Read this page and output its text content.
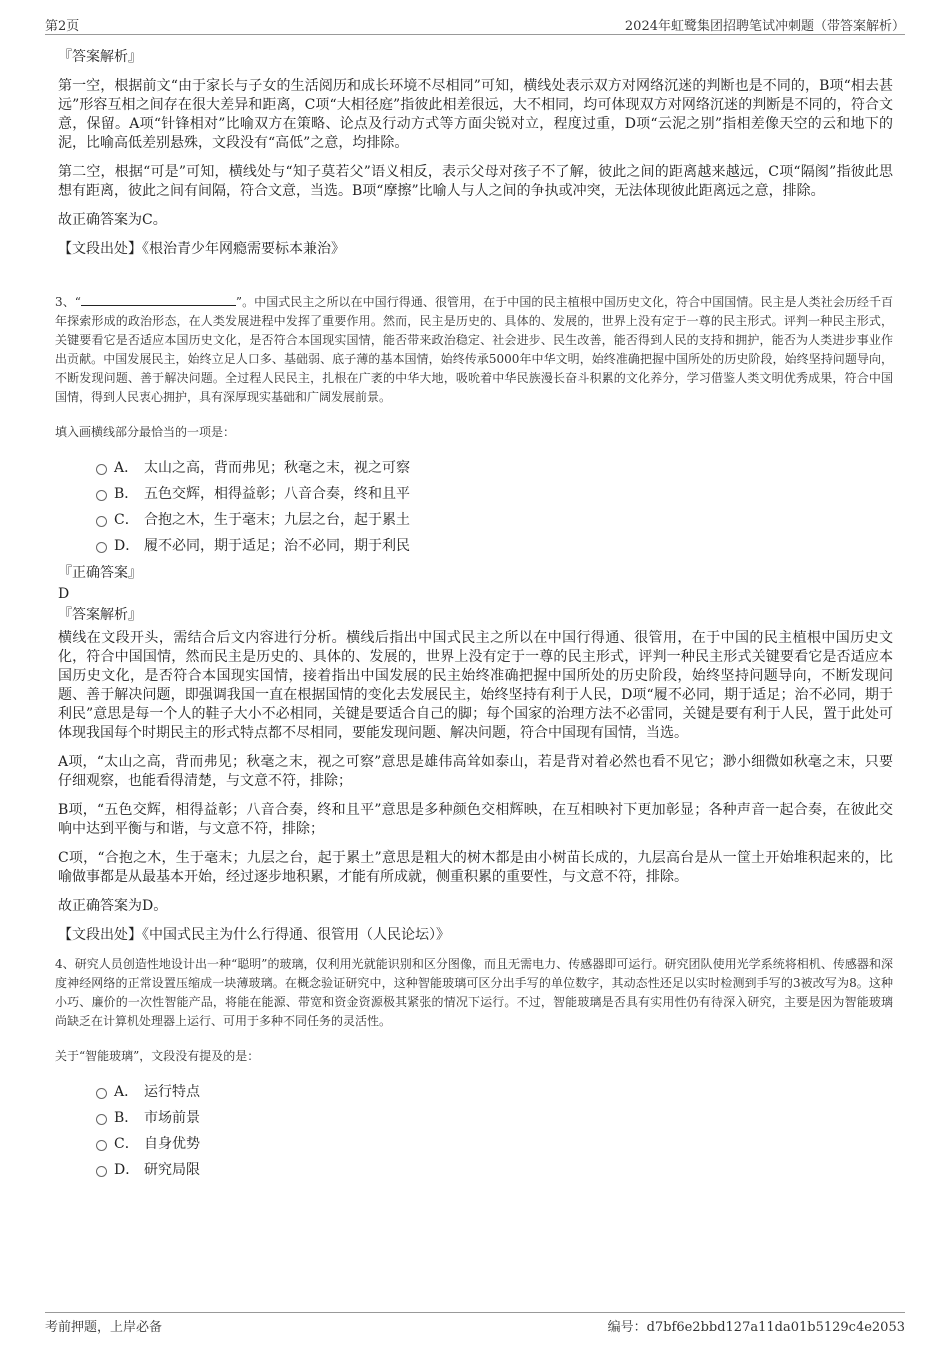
第2页	2024年虹鹭集团招聘笔试冲刺题（带答案解析）
『答案解析』
第一空，根据前文“由于家长与子女的生活阅历和成长环境不尽相同”可知，横线处表示双方对网络沉迷的判断也是不同的，B项“相去甚远”形容互相之间存在很大差异和距离，C项“大相径庭”指彼此相差很远，大不相同，均可体现双方对网络沉迷的判断是不同的，符合文意，保留。A项“针锋相对”比喻双方在策略、论点及行动方式等方面尖锐对立，程度过重，D项“云泥之别”指相差像天空的云和地下的泥，比喻高低差别悬殊，文段没有“高低”之意，均排除。
第二空，根据“可是”可知，横线处与“知子莫若父”语义相反，表示父母对孩子不了解，彼此之间的距离越来越远，C项“隔阂”指彼此思想有距离，彼此之间有间隔，符合文意，当选。B项“摩擦”比喻人与人之间的争执或冲突，无法体现彼此距离远之意，排除。
故正确答案为C。
【文段出处】《根治青少年网瘾需要标本兼治》
3、“	”。中国式民主之所以在中国行得通、很管用，在于中国的民主植根中国历史文化，符合中国国情。民主是人类社会历经千百年探索形成的政治形态，在人类发展进程中发挥了重要作用。然而，民主是历史的、具体的、发展的，世界上没有定于一尊的民主形式。评判一种民主形式，关键要看它是否适应本国历史文化，是否符合本国现实国情，能否带来政治稳定、社会进步、民生改善，能否得到人民的支持和拥护，能否为人类进步事业作出贡献。中国发展民主，始终立足人口多、基础弱、底子薄的基本国情，始终传承5000年中华文明，始终准确把握中国所处的历史阶段，始终坚持问题导向，不断发现问题、善于解决问题。全过程人民民主，扎根在广袤的中华大地，吸吮着中华民族漫长奋斗积累的文化养分，学习借鉴人类文明优秀成果，符合中国国情，得到人民衷心拥护，具有深厚现实基础和广阔发展前景。
填入画横线部分最恰当的一项是：
A． 太山之高，背而弗见；秋毫之末，视之可察
B． 五色交辉，相得益彰；八音合奏，终和且平
C． 合抱之木，生于毫末；九层之台，起于累土
D． 履不必同，期于适足；治不必同，期于利民
『正确答案』
D
『答案解析』
横线在文段开头，需结合后文内容进行分析。横线后指出中国式民主之所以在中国行得通、很管用，在于中国的民主植根中国历史文化，符合中国国情，然而民主是历史的、具体的、发展的，世界上没有定于一尊的民主形式，评判一种民主形式关键要看它是否适应本国历史文化，是否符合本国现实国情，接着指出中国发展的民主始终准确把握中国所处的历史阶段，始终坚持问题导向，不断发现问题、善于解决问题，即强调我国一直在根据国情的变化去发展民主，始终坚持有利于人民，D项“履不必同，期于适足；治不必同，期于利民”意思是每一个人的鞋子大小不必相同，关键是要适合自己的脚；每个国家的治理方法不必雷同，关键是要有利于人民，置于此处可体现我国每个时期民主的形式特点都不尽相同，要能发现问题、解决问题，符合中国现有国情，当选。
A项，“太山之高，背而弗见；秋毫之末，视之可察”意思是雄伟高耸如泰山，若是背对着必然也看不见它；渺小细微如秋毫之末，只要仔细观察，也能看得清楚，与文意不符，排除；
B项，“五色交辉，相得益彰；八音合奏，终和且平”意思是多种颜色交相辉映，在互相映衬下更加彰显；各种声音一起合奏，在彼此交响中达到平衡与和谐，与文意不符，排除；
C项，“合抱之木，生于毫末；九层之台，起于累土”意思是粗大的树木都是由小树苗长成的，九层高台是从一筐土开始堆积起来的，比喻做事都是从最基本开始，经过逐步地积累，才能有所成就，侧重积累的重要性，与文意不符，排除。
故正确答案为D。
【文段出处】《中国式民主为什么行得通、很管用（人民论坛）》
4、研究人员创造性地设计出一种“聪明”的玻璃，仅利用光就能识别和区分图像，而且无需电力、传感器即可运行。研究团队使用光学系统将相机、传感器和深度神经网络的正常设置压缩成一块薄玻璃。在概念验证研究中，这种智能玻璃可区分出手写的单位数字，其动态性还足以实时检测到手写的3被改写为8。这种小巧、廉价的一次性智能产品，将能在能源、带宽和资金资源极其紧张的情况下运行。不过，智能玻璃是否具有实用性仍有待深入研究，主要是因为智能玻璃尚缺乏在计算机处理器上运行、可用于多种不同任务的灵活性。
关于“智能玻璃”，文段没有提及的是：
A． 运行特点
B． 市场前景
C． 自身优势
D． 研究局限
考前押题，上岸必备	编号：d7bf6e2bbd127a11da01b5129c4e2053
